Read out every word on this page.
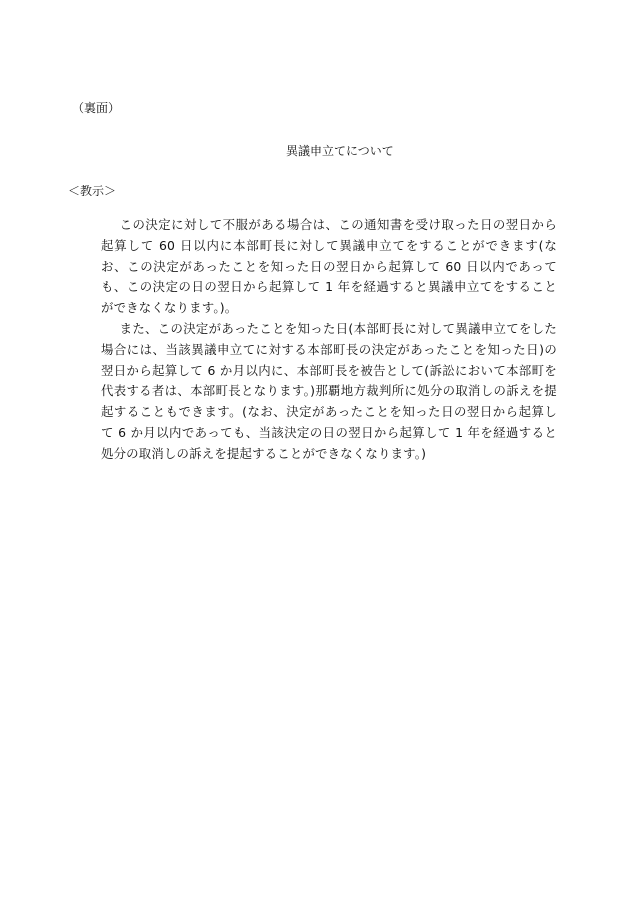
（裏面）
異議申立てについて
＜教示＞

この決定に対して不服がある場合は、この通知書を受け取った日の翌日から起算して 60 日以内に本部町長に対して異議申立てをすることができます(なお、この決定があったことを知った日の翌日から起算して 60 日以内であっても、この決定の日の翌日から起算して 1 年を経過すると異議申立てをすることができなくなります。)。

また、この決定があったことを知った日(本部町長に対して異議申立てをした場合には、当該異議申立てに対する本部町長の決定があったことを知った日)の翌日から起算して 6 か月以内に、本部町長を被告として(訴訟において本部町を代表する者は、本部町長となります。)那覇地方裁判所に処分の取消しの訴えを提起することもできます。(なお、決定があったことを知った日の翌日から起算して 6 か月以内であっても、当該決定の日の翌日から起算して 1 年を経過すると処分の取消しの訴えを提起することができなくなります。)
